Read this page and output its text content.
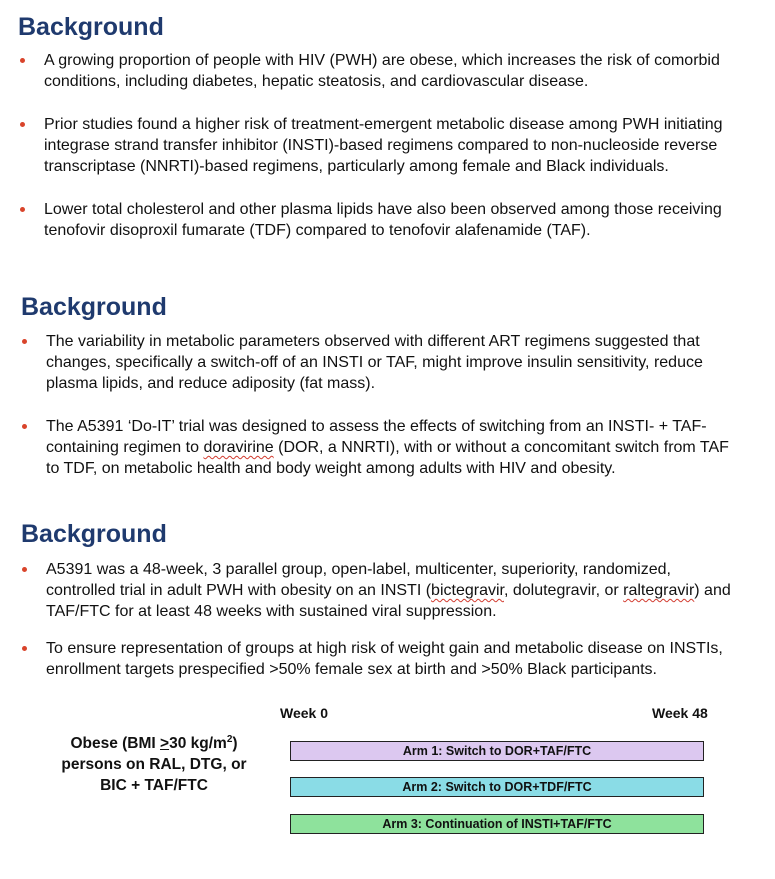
Background
A growing proportion of people with HIV (PWH) are obese, which increases the risk of comorbid
conditions, including diabetes, hepatic steatosis, and cardiovascular disease.
Prior studies found a higher risk of treatment-emergent metabolic disease among PWH initiating
integrase strand transfer inhibitor (INSTI)-based regimens compared to non-nucleoside reverse
transcriptase (NNRTI)-based regimens, particularly among female and Black individuals.
Lower total cholesterol and other plasma lipids have also been observed among those receiving
tenofovir disoproxil fumarate (TDF) compared to tenofovir alafenamide (TAF).
Background
The variability in metabolic parameters observed with different ART regimens suggested that
changes, specifically a switch-off of an INSTI or TAF, might improve insulin sensitivity, reduce
plasma lipids, and reduce adiposity (fat mass).
The A5391 ‘Do-IT’ trial was designed to assess the effects of switching from an INSTI- + TAF-
containing regimen to doravirine (DOR, a NNRTI), with or without a concomitant switch from TAF
to TDF, on metabolic health and body weight among adults with HIV and obesity.
Background
A5391 was a 48-week, 3 parallel group, open-label, multicenter, superiority, randomized,
controlled trial in adult PWH with obesity on an INSTI (bictegravir, dolutegravir, or raltegravir) and
TAF/FTC for at least 48 weeks with sustained viral suppression.
To ensure representation of groups at high risk of weight gain and metabolic disease on INSTIs,
enrollment targets prespecified >50% female sex at birth and >50% Black participants.
Week 0	Week 48
Obese (BMI ≥30 $kg/m^2$)
persons on RAL, DTG, or
BIC + TAF/FTC
Arm 1: Switch to DOR+TAF/FTC
Arm 2: Switch to DOR+TDF/FTC
Arm 3: Continuation of INSTI+TAF/FTC
